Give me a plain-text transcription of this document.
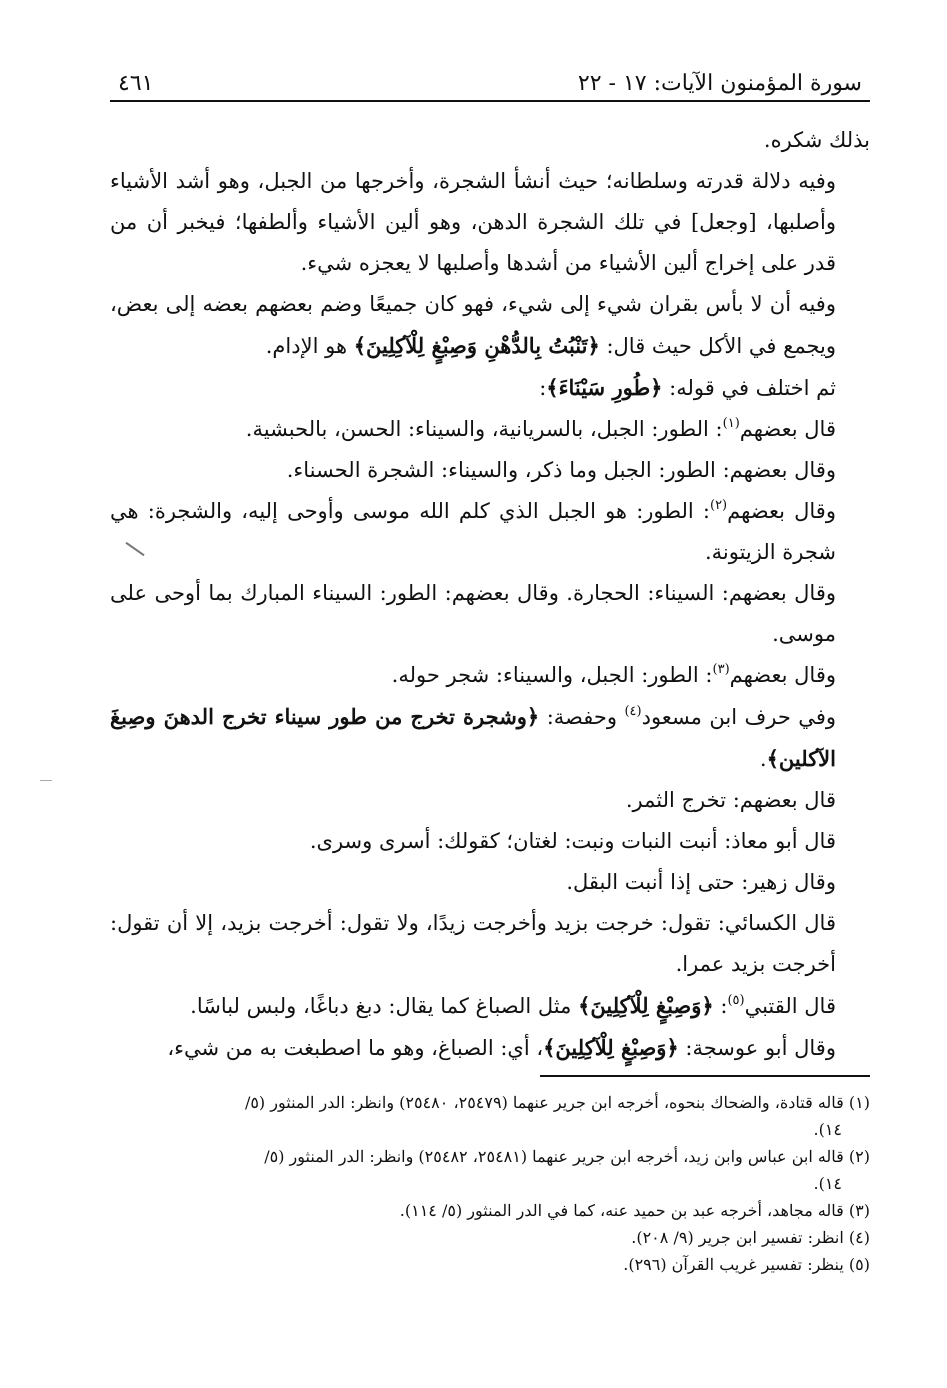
سورة المؤمنون الآيات: ١٧ - ٢٢
٤٦١

بذلك شكره.

وفيه دلالة قدرته وسلطانه؛ حيث أنشأ الشجرة، وأخرجها من الجبل، وهو أشد الأشياء وأصلبها، [وجعل] في تلك الشجرة الدهن، وهو ألين الأشياء وألطفها؛ فيخبر أن من قدر على إخراج ألين الأشياء من أشدها وأصلبها لا يعجزه شيء.

وفيه أن لا بأس بقران شيء إلى شيء، فهو كان جميعًا وضم بعضهم بعضه إلى بعض، ويجمع في الأكل حيث قال: ﴿تَنْبُتُ بِالدُّهْنِ وَصِبْغٍ لِلْآكِلِينَ﴾ هو الإدام.

ثم اختلف في قوله: ﴿طُورِ سَيْنَاءَ﴾:

قال بعضهم$^{(١)}$: الطور: الجبل، بالسريانية، والسيناء: الحسن، بالحبشية.

وقال بعضهم: الطور: الجبل وما ذكر، والسيناء: الشجرة الحسناء.

وقال بعضهم$^{(٢)}$: الطور: هو الجبل الذي كلم الله موسى وأوحى إليه، والشجرة: هي شجرة الزيتونة.

وقال بعضهم: السيناء: الحجارة. وقال بعضهم: الطور: السيناء المبارك بما أوحى على موسى.

وقال بعضهم$^{(٣)}$: الطور: الجبل، والسيناء: شجر حوله.

وفي حرف ابن مسعود$^{(٤)}$ وحفصة: ﴿وشجرة تخرج من طور سيناء تخرج الدهنَ وصِبغَ الآكلين﴾.

قال بعضهم: تخرج الثمر.

قال أبو معاذ: أنبت النبات ونبت: لغتان؛ كقولك: أسرى وسرى.

وقال زهير: حتى إذا أنبت البقل.

قال الكسائي: تقول: خرجت بزيد وأخرجت زيدًا، ولا تقول: أخرجت بزيد، إلا أن تقول: أخرجت بزيد عمرا.

قال القتبي$^{(٥)}$: ﴿وَصِبْغٍ لِلْآكِلِينَ﴾ مثل الصباغ كما يقال: دبغ دباغًا، ولبس لباسًا.

وقال أبو عوسجة: ﴿وَصِبْغٍ لِلْآكِلِينَ﴾، أي: الصباغ، وهو ما اصطبغت به من شيء،

(١) قاله قتادة، والضحاك بنحوه، أخرجه ابن جرير عنهما (٢٥٤٧٩، ٢٥٤٨٠) وانظر: الدر المنثور (٥/

١٤).

(٢) قاله ابن عباس وابن زيد، أخرجه ابن جرير عنهما (٢٥٤٨١، ٢٥٤٨٢) وانظر: الدر المنثور (٥/

١٤).

(٣) قاله مجاهد، أخرجه عبد بن حميد عنه، كما في الدر المنثور (٥/ ١١٤).

(٤) انظر: تفسير ابن جرير (٩/ ٢٠٨).

(٥) ينظر: تفسير غريب القرآن (٢٩٦).
